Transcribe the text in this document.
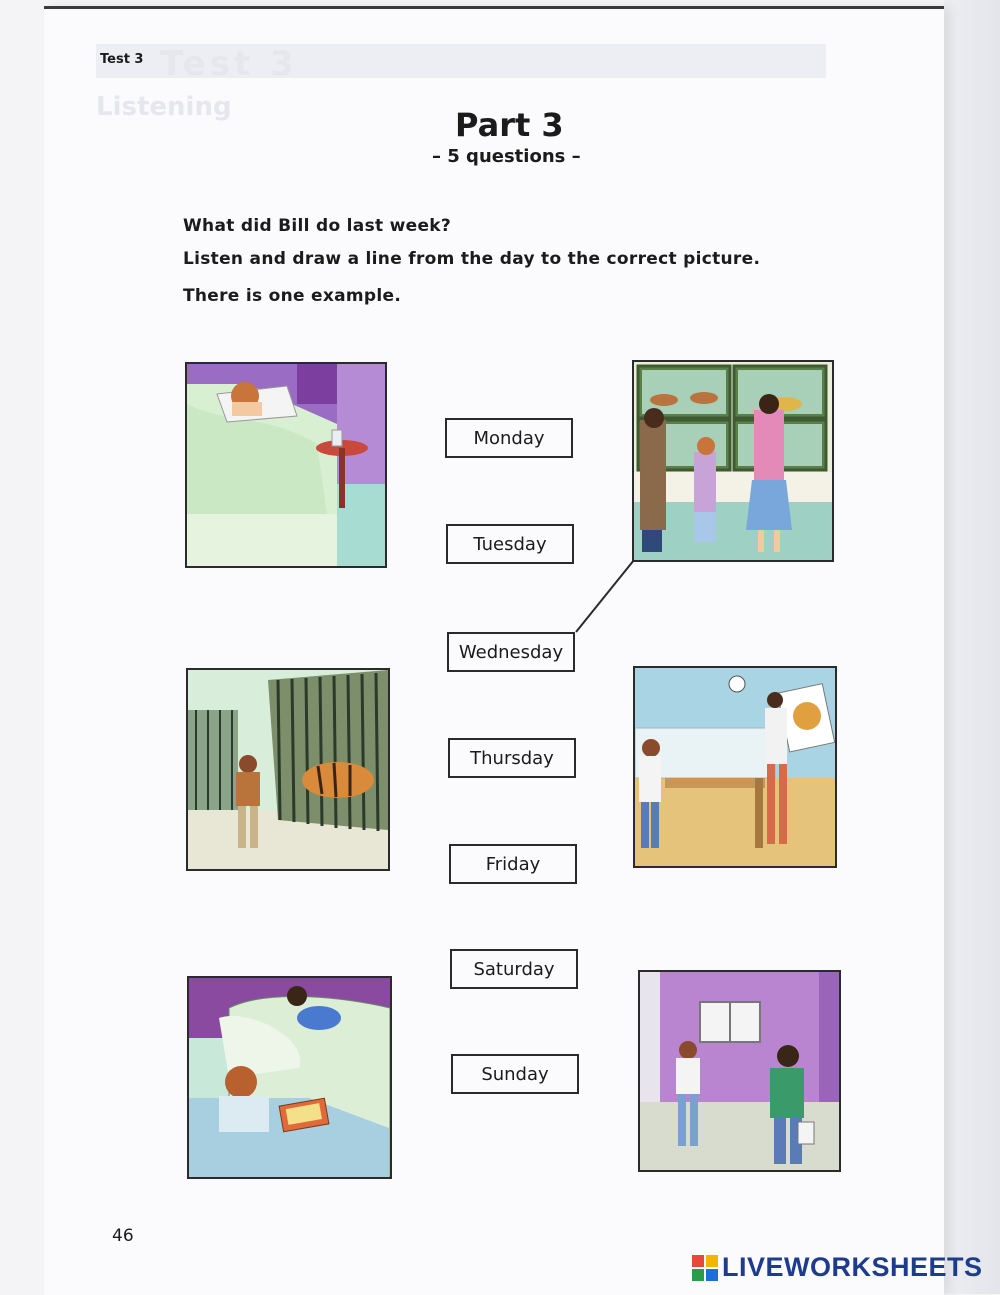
Test 3
Listening
Test 3
Part 3
– 5 questions –
What did Bill do last week?
Listen and draw a line from the day to the correct picture.
There is one example.
Monday
Tuesday
Wednesday
Thursday
Friday
Saturday
Sunday
46
LIVEWORKSHEETS
